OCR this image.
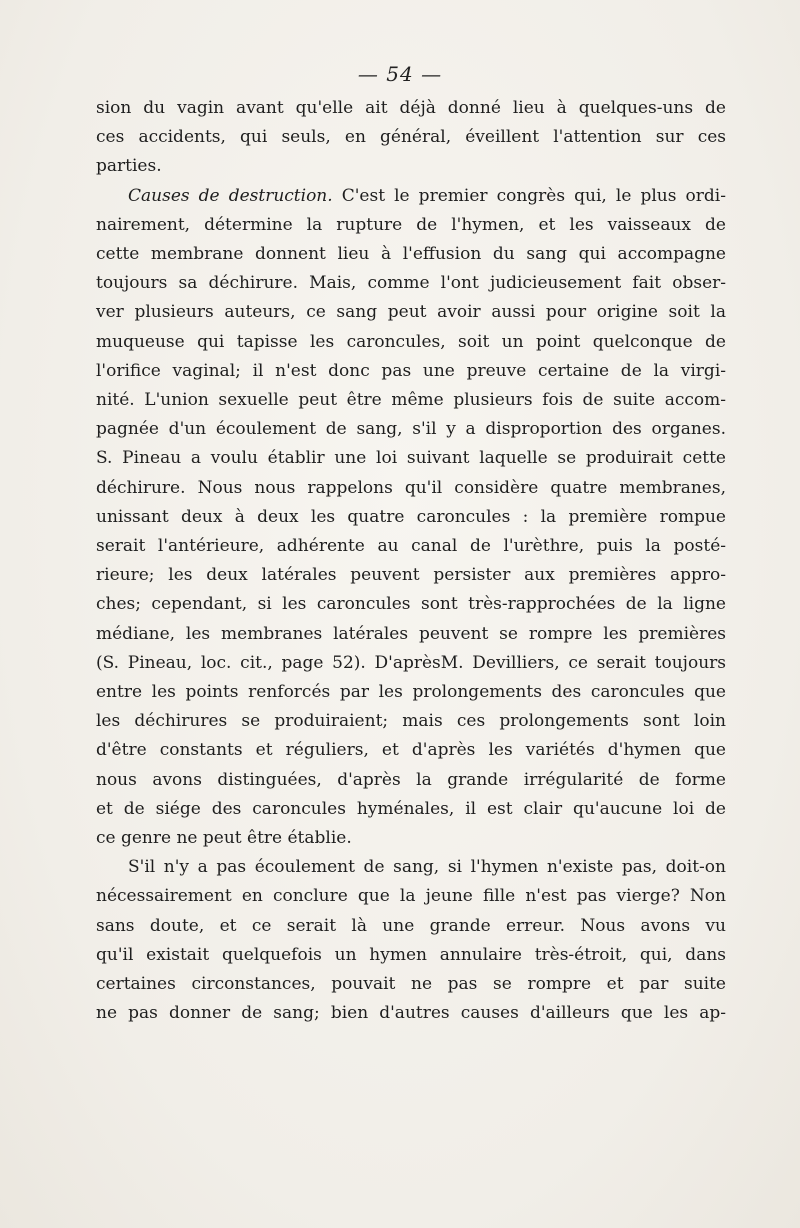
— 54 —
sion du vagin avant qu'elle ait déjà donné lieu à quelques-uns de
ces accidents, qui seuls, en général, éveillent l'attention sur ces
parties.
Causes de destruction. C'est le premier congrès qui, le plus ordi-
nairement, détermine la rupture de l'hymen, et les vaisseaux de
cette membrane donnent lieu à l'effusion du sang qui accompagne
toujours sa déchirure. Mais, comme l'ont judicieusement fait obser-
ver plusieurs auteurs, ce sang peut avoir aussi pour origine soit la
muqueuse qui tapisse les caroncules, soit un point quelconque de
l'orifice vaginal; il n'est donc pas une preuve certaine de la virgi-
nité. L'union sexuelle peut être même plusieurs fois de suite accom-
pagnée d'un écoulement de sang, s'il y a disproportion des organes.
S. Pineau a voulu établir une loi suivant laquelle se produirait cette
déchirure. Nous nous rappelons qu'il considère quatre membranes,
unissant deux à deux les quatre caroncules : la première rompue
serait l'antérieure, adhérente au canal de l'urèthre, puis la posté-
rieure; les deux latérales peuvent persister aux premières appro-
ches; cependant, si les caroncules sont très-rapprochées de la ligne
médiane, les membranes latérales peuvent se rompre les premières
(S. Pineau, loc. cit., page 52). D'aprèsM. Devilliers, ce serait toujours
entre les points renforcés par les prolongements des caroncules que
les déchirures se produiraient; mais ces prolongements sont loin
d'être constants et réguliers, et d'après les variétés d'hymen que
nous avons distinguées, d'après la grande irrégularité de forme
et de siége des caroncules hyménales, il est clair qu'aucune loi de
ce genre ne peut être établie.
S'il n'y a pas écoulement de sang, si l'hymen n'existe pas, doit-on
nécessairement en conclure que la jeune fille n'est pas vierge? Non
sans doute, et ce serait là une grande erreur. Nous avons vu
qu'il existait quelquefois un hymen annulaire très-étroit, qui, dans
certaines circonstances, pouvait ne pas se rompre et par suite
ne pas donner de sang; bien d'autres causes d'ailleurs que les ap-
